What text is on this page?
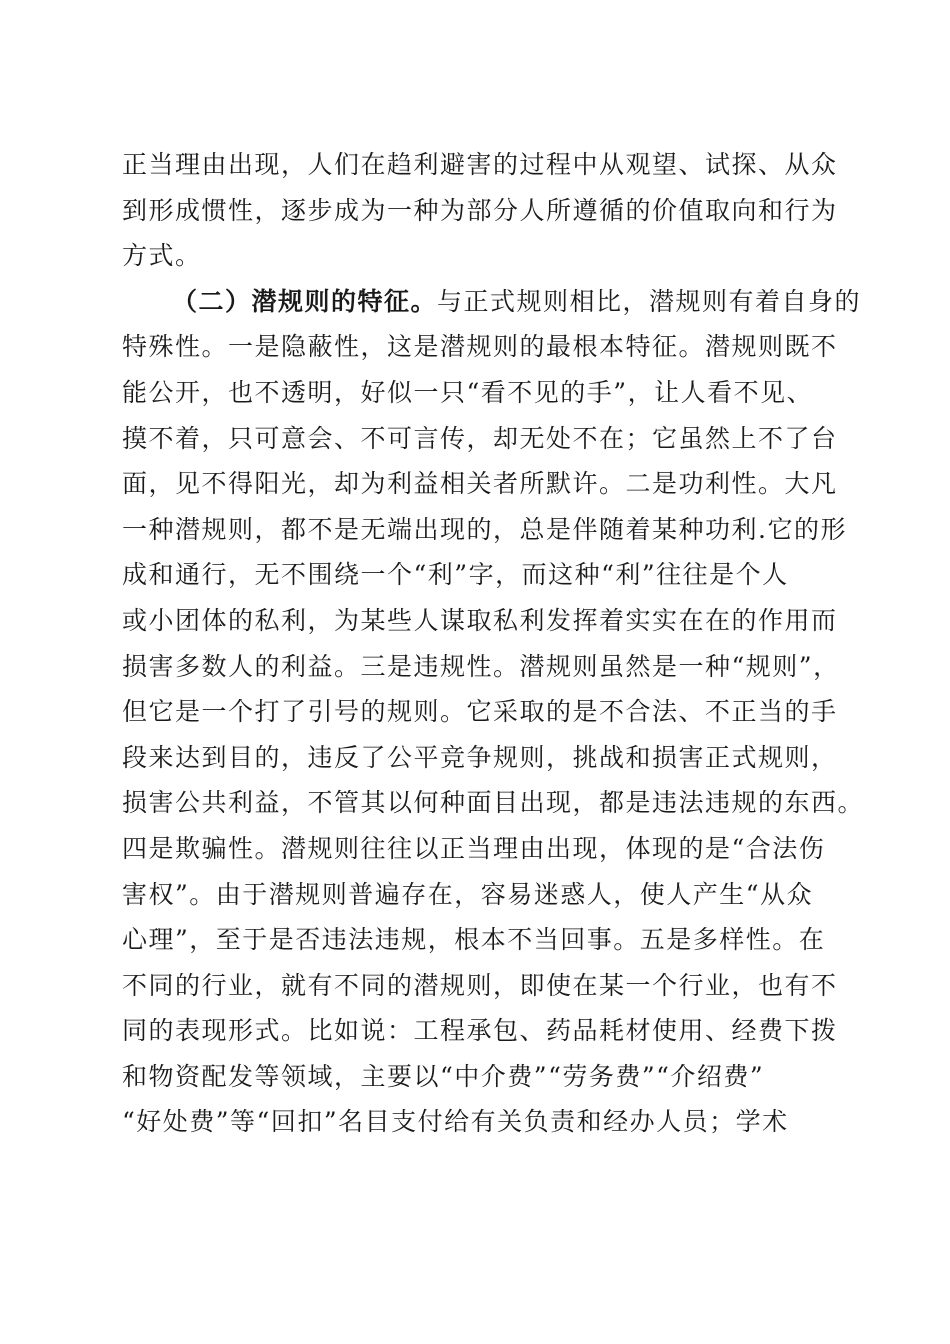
正当理由出现，人们在趋利避害的过程中从观望、试探、从众
到形成惯性，逐步成为一种为部分人所遵循的价值取向和行为
方式。
（二）潜规则的特征。与正式规则相比，潜规则有着自身的
特殊性。一是隐蔽性，这是潜规则的最根本特征。潜规则既不
能公开，也不透明，好似一只“看不见的手”，让人看不见、
摸不着，只可意会、不可言传，却无处不在；它虽然上不了台
面，见不得阳光，却为利益相关者所默许。二是功利性。大凡
一种潜规则，都不是无端出现的，总是伴随着某种功利.它的形
成和通行，无不围绕一个“利”字，而这种“利”往往是个人
或小团体的私利，为某些人谋取私利发挥着实实在在的作用而
损害多数人的利益。三是违规性。潜规则虽然是一种“规则”，
但它是一个打了引号的规则。它采取的是不合法、不正当的手
段来达到目的，违反了公平竞争规则，挑战和损害正式规则，
损害公共利益，不管其以何种面目出现，都是违法违规的东西。
四是欺骗性。潜规则往往以正当理由出现，体现的是“合法伤
害权”。由于潜规则普遍存在，容易迷惑人，使人产生“从众
心理”，至于是否违法违规，根本不当回事。五是多样性。在
不同的行业，就有不同的潜规则，即使在某一个行业，也有不
同的表现形式。比如说：工程承包、药品耗材使用、经费下拨
和物资配发等领域，主要以“中介费”“劳务费”“介绍费”
“好处费”等“回扣”名目支付给有关负责和经办人员；学术
